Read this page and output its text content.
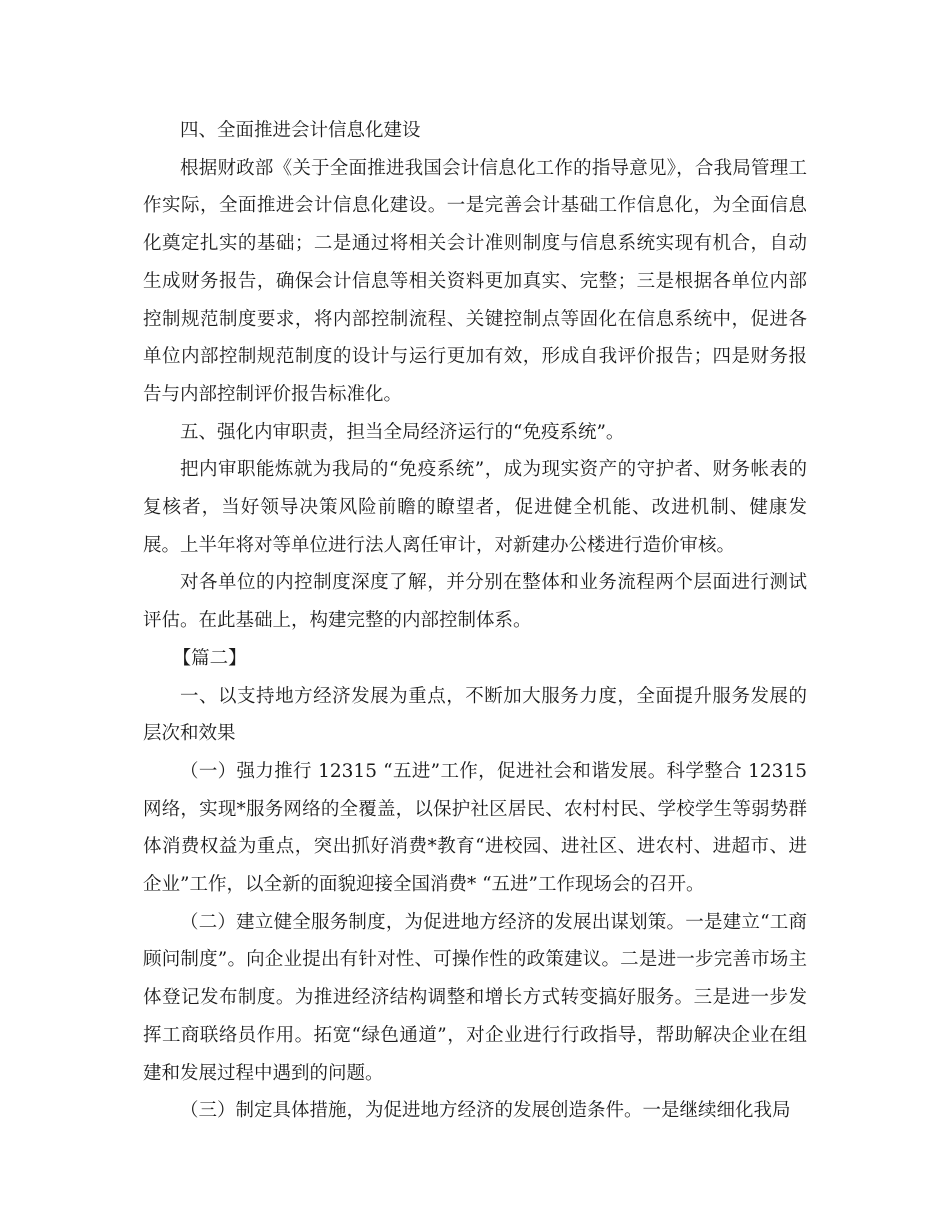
四、全面推进会计信息化建设

根据财政部《关于全面推进我国会计信息化工作的指导意见》，合我局管理工作实际，全面推进会计信息化建设。一是完善会计基础工作信息化，为全面信息化奠定扎实的基础；二是通过将相关会计准则制度与信息系统实现有机合，自动生成财务报告，确保会计信息等相关资料更加真实、完整；三是根据各单位内部控制规范制度要求，将内部控制流程、关键控制点等固化在信息系统中，促进各单位内部控制规范制度的设计与运行更加有效，形成自我评价报告；四是财务报告与内部控制评价报告标准化。

五、强化内审职责，担当全局经济运行的“免疫系统”。

把内审职能炼就为我局的“免疫系统”，成为现实资产的守护者、财务帐表的复核者，当好领导决策风险前瞻的瞭望者，促进健全机能、改进机制、健康发展。上半年将对等单位进行法人离任审计，对新建办公楼进行造价审核。

对各单位的内控制度深度了解，并分别在整体和业务流程两个层面进行测试评估。在此基础上，构建完整的内部控制体系。

【篇二】

一、以支持地方经济发展为重点，不断加大服务力度，全面提升服务发展的层次和效果

（一）强力推行 12315 “五进”工作，促进社会和谐发展。科学整合 12315 网络，实现*服务网络的全覆盖，以保护社区居民、农村村民、学校学生等弱势群体消费权益为重点，突出抓好消费*教育“进校园、进社区、进农村、进超市、进企业”工作，以全新的面貌迎接全国消费* “五进”工作现场会的召开。

（二）建立健全服务制度，为促进地方经济的发展出谋划策。一是建立“工商顾问制度”。向企业提出有针对性、可操作性的政策建议。二是进一步完善市场主体登记发布制度。为推进经济结构调整和增长方式转变搞好服务。三是进一步发挥工商联络员作用。拓宽“绿色通道”，对企业进行行政指导，帮助解决企业在组建和发展过程中遇到的问题。

（三）制定具体措施，为促进地方经济的发展创造条件。一是继续细化我局
